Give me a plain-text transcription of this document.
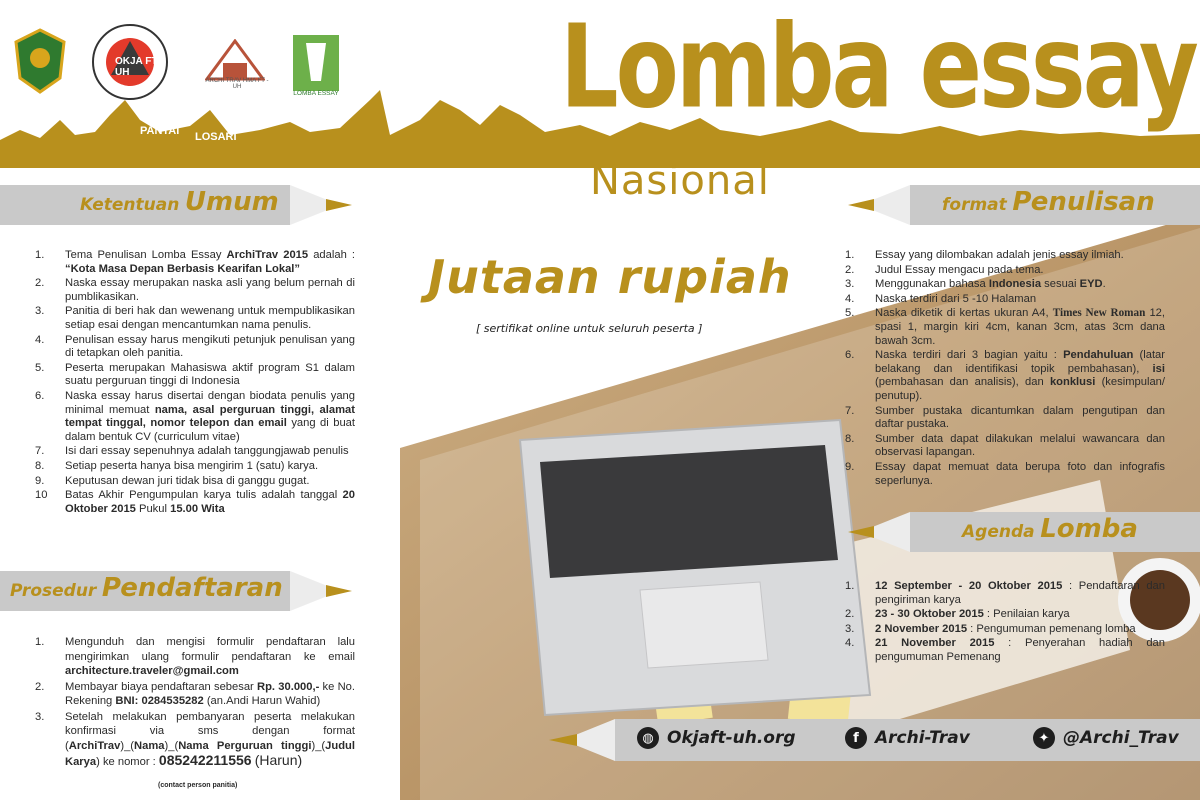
PANTAI LOSARI
OKJA FT-UH
ARCHI TRAV HMA FT - UH
LOMBA ESSAY Lomba essay
Nasional
Ketentuan Umum
1. Tema Penulisan Lomba Essay ArchiTrav 2015 adalah : “Kota Masa Depan Berbasis Kearifan Lokal”
2. Naska essay merupakan naska asli yang belum pernah di pumblikasikan.
3. Panitia di beri hak dan wewenang untuk mempublikasikan setiap esai dengan mencantumkan nama penulis.
4. Penulisan essay harus mengikuti petunjuk penulisan yang di tetapkan oleh panitia.
5. Peserta merupakan Mahasiswa aktif program S1 dalam suatu perguruan tinggi di Indonesia
6. Naska essay harus disertai dengan biodata penulis yang minimal memuat nama, asal perguruan tinggi, alamat tempat tinggal, nomor telepon dan email yang di buat dalam bentuk CV (curriculum vitae)
7. Isi dari essay sepenuhnya adalah tanggungjawab penulis
8. Setiap peserta hanya bisa mengirim 1 (satu) karya.
9. Keputusan dewan juri tidak bisa di ganggu gugat.
10 Batas Akhir Pengumpulan karya tulis adalah tanggal 20 Oktober 2015 Pukul 15.00 Wita
Prosedur Pendaftaran
1. Mengunduh dan mengisi formulir pendaftaran lalu mengirimkan ulang formulir pendaftaran ke email architecture.traveler@gmail.com
2. Membayar biaya pendaftaran sebesar Rp. 30.000,- ke No. Rekening BNI: 0284535282 (an.Andi Harun Wahid)
3. Setelah melakukan pembanyaran peserta melakukan konfirmasi via sms dengan format (ArchiTrav)_(Nama)_(Nama Perguruan tinggi)_(Judul Karya) ke nomor : 085242211556 (Harun)
(contact person panitia)
format Penulisan
1. Essay yang dilombakan adalah jenis essay ilmiah.
2. Judul Essay mengacu pada tema.
3. Menggunakan bahasa Indonesia sesuai EYD.
4. Naska terdiri dari 5 -10 Halaman
5. Naska diketik di kertas ukuran A4, Times New Roman 12, spasi 1, margin kiri 4cm, kanan 3cm, atas 3cm dana bawah 3cm.
6. Naska terdiri dari 3 bagian yaitu : Pendahuluan (latar belakang dan identifikasi topik pembahasan), isi (pembahasan dan analisis), dan konklusi (kesimpulan/ penutup).
7. Sumber pustaka dicantumkan dalam pengutipan dan daftar pustaka.
8. Sumber data dapat dilakukan melalui wawancara dan observasi lapangan.
9. Essay dapat memuat data berupa foto dan infografis seperlunya.
Agenda Lomba
1. 12 September - 20 Oktober 2015 : Pendaftaran dan pengiriman karya
2. 23 - 30 Oktober 2015 : Penilaian karya
3. 2 November 2015 : Pengumuman pemenang lomba
4. 21 November 2015 : Penyerahan hadiah dan pengumuman Pemenang
Jutaan rupiah
[ sertifikat online untuk seluruh peserta ]
◍ Okjaft-uh.org	f Archi-Trav	✦ @Archi_Trav
